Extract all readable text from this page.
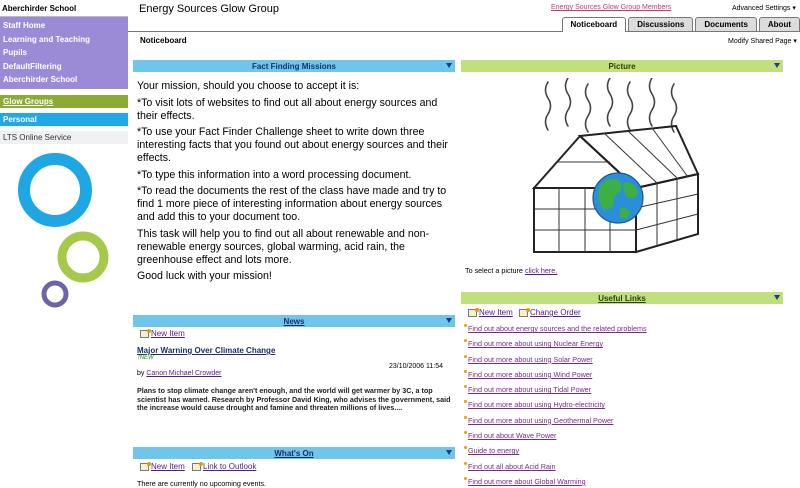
Aberchirder School
Staff Home
Learning and Teaching
Pupils
DefaultFiltering
Aberchirder School
Glow Groups
Personal
LTS Online Service
Energy Sources Glow Group	Energy Sources Glow Group Members	Advanced Settings ▾
Noticeboard	Discussions	Documents	About
Noticeboard	Modify Shared Page ▾
Fact Finding Missions

Your mission, should you choose to accept it is:

*To visit lots of websites to find out all about energy sources and their effects.

*To use your Fact Finder Challenge sheet to write down three interesting facts that you found out about energy sources and their effects.

*To type this information into a word processing document.

*To read the documents the rest of the class have made and try to find 1 more piece of interesting information about energy sources and add this to your document too.

This task will help you to find out all about renewable and non-renewable energy sources, global warming, acid rain, the greenhouse effect and lots more.

Good luck with your mission!

News
New Item
Major Warning Over Climate Change
!NEW
23/10/2006 11:54
by Canon Michael Crowder
Plans to stop climate change aren't enough, and the world will get warmer by 3C, a top scientist has warned. Research by Professor David King, who advises the government, said the increase would cause drought and famine and threaten millions of lives....
What's On
New Item Link to Outlook
There are currently no upcoming events.
Picture
To select a picture click here.
Useful Links
New Item Change Order
Find out about energy sources and the related problems
Find out more about using Nuclear Energy
Find out more about using Solar Power
Find out more about using Wind Power
Find out more about using Tidal Power
Find out more about using Hydro-electricity
Find out more about using Geothermal Power
Find out about Wave Power
Guide to energy
Find out all about Acid Rain
Find out more about Global Warming
